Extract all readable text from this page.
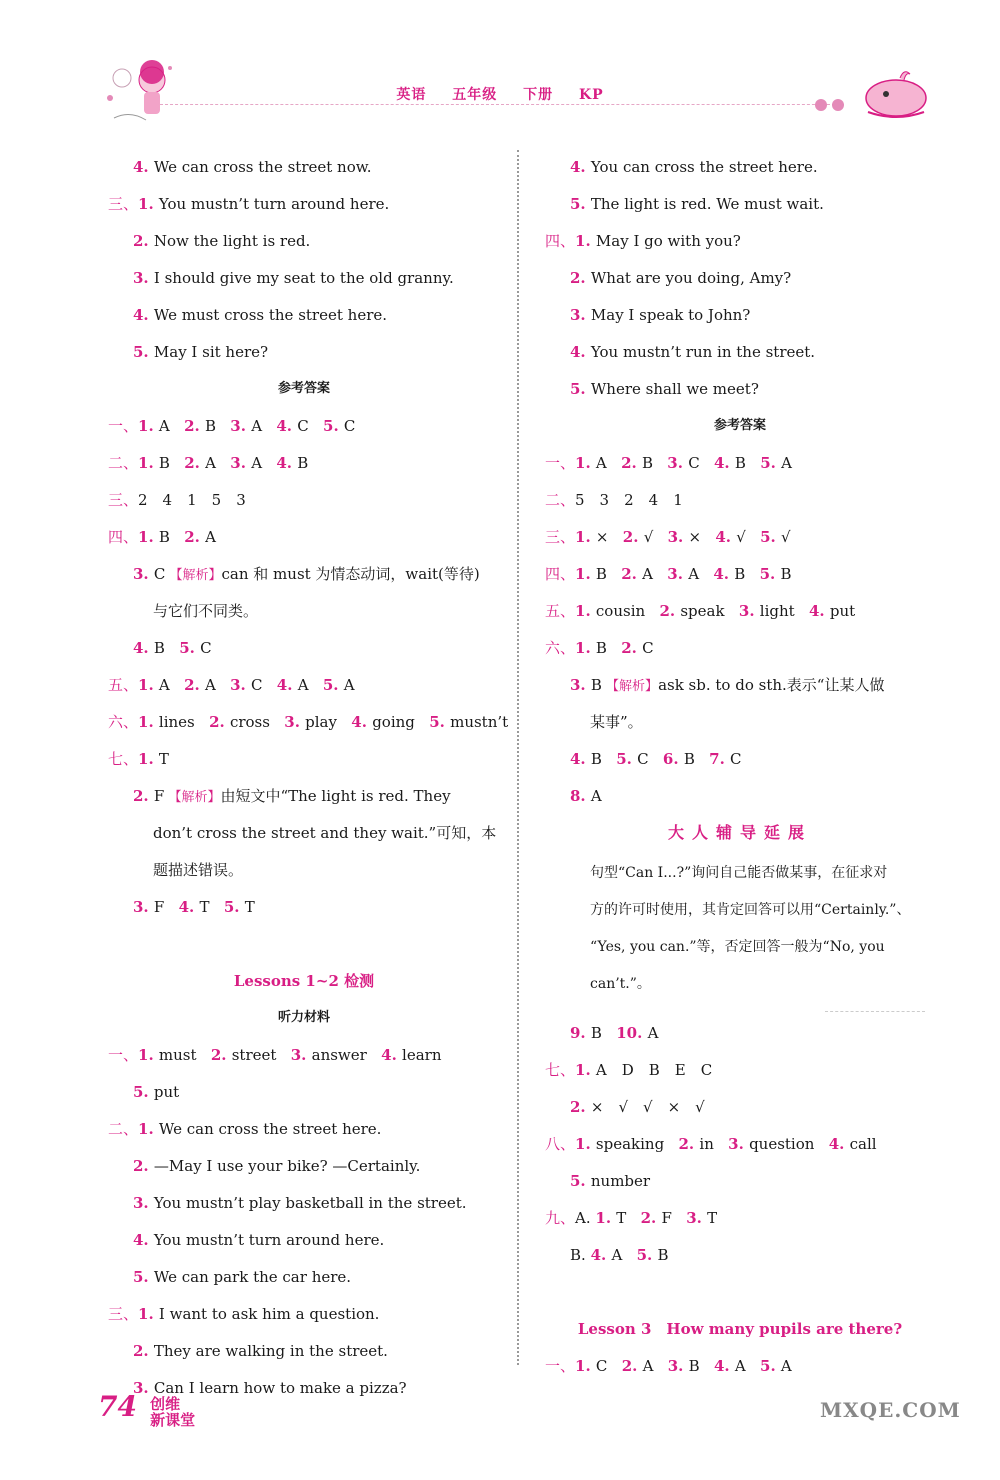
英语 五年级 下册 KP
4. We can cross the street now.
三、1. You mustn’t turn around here.
2. Now the light is red.
3. I should give my seat to the old granny.
4. We must cross the street here.
5. May I sit here?
参考答案
一、1. A 2. B 3. A 4. C 5. C
二、1. B 2. A 3. A 4. B
三、2　4　1　5　3
四、1. B 2. A
3. C 【解析】can 和 must 为情态动词，wait(等待)
与它们不同类。
4. B 5. C
五、1. A 2. A 3. C 4. A 5. A
六、1. lines 2. cross 3. play 4. going 5. mustn’t
七、1. T
2. F 【解析】由短文中“The light is red. They
don’t cross the street and they wait.”可知，本
题描述错误。
3. F 4. T 5. T

Lessons 1~2 检测
听力材料
一、1. must 2. street 3. answer 4. learn
5. put
二、1. We can cross the street here.
2. —May I use your bike? —Certainly.
3. You mustn’t play basketball in the street.
4. You mustn’t turn around here.
5. We can park the car here.
三、1. I want to ask him a question.
2. They are walking in the street.
3. Can I learn how to make a pizza?
4. You can cross the street here.
5. The light is red. We must wait.
四、1. May I go with you?
2. What are you doing, Amy?
3. May I speak to John?
4. You mustn’t run in the street.
5. Where shall we meet?
参考答案
一、1. A 2. B 3. C 4. B 5. A
二、5　3　2　4　1
三、1. × 2. √ 3. × 4. √ 5. √
四、1. B 2. A 3. A 4. B 5. B
五、1. cousin 2. speak 3. light 4. put
六、1. B 2. C
3. B 【解析】ask sb. to do sth.表示“让某人做
某事”。
4. B 5. C 6. B 7. C
8. A
大人辅导延展
句型“Can I...?”询问自己能否做某事，在征求对
方的许可时使用，其肯定回答可以用“Certainly.”、
“Yes, you can.”等，否定回答一般为“No, you
can’t.”。
9. B 10. A
七、1. A　D　B　E　C
2. ×　√　√　×　√
八、1. speaking 2. in 3. question 4. call
5. number
九、A. 1. T 2. F 3. T
B. 4. A 5. B

Lesson 3　How many pupils are there?
一、1. C 2. A 3. B 4. A 5. A
74 创维
新课堂	MXQE.COM
